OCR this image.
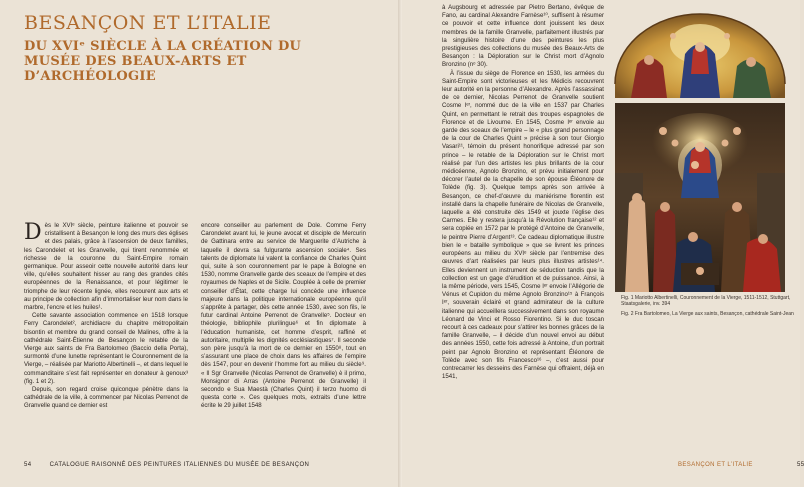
BESANÇON ET L’ITALIE
DU XVIᵉ SIÈCLE À LA CRÉATION DU MUSÉE DES BEAUX-ARTS ET D’ARCHÉOLOGIE

Dès le XVIᵉ siècle, peinture italienne et pouvoir se cristallisent à Besançon le long des murs des églises et des palais, grâce à l’ascension de deux familles, les Carondelet et les Granvelle, qui tirent renommée et richesse de la couronne du Saint-Empire romain germanique. Pour asseoir cette nouvelle autorité dans leur ville, qu’elles souhaitent hisser au rang des grandes cités européennes de la Renaissance, et pour légitimer le triomphe de leur récente lignée, elles recourent aux arts et au principe de collection afin d’immortaliser leur nom dans le marbre, l’encre et les huiles¹.

Cette savante association commence en 1518 lorsque Ferry Carondelet², archidiacre du chapitre métropolitain bisontin et membre du grand conseil de Malines, offre à la cathédrale Saint-Étienne de Besançon le retable de la Vierge aux saints de Fra Bartolomeo (Baccio della Porta), surmonté d’une lunette représentant le Couronnement de la Vierge, – réalisée par Mariotto Albertinelli –, et dans lequel le commanditaire s’est fait représenter en donateur à genoux³ (fig. 1 et 2).

Depuis, son regard croise quiconque pénètre dans la cathédrale de la ville, à commencer par Nicolas Perrenot de Granvelle quand ce dernier est

encore conseiller au parlement de Dole. Comme Ferry Carondelet avant lui, le jeune avocat et disciple de Mercurin de Gattinara entre au service de Marguerite d’Autriche à laquelle il devra sa fulgurante ascension sociale⁴. Ses talents de diplomate lui valent la confiance de Charles Quint qui, suite à son couronnement par le pape à Bologne en 1530, nomme Granvelle garde des sceaux de l’empire et des royaumes de Naples et de Sicile. Couplée à celle de premier conseiller d’État, cette charge lui concède une influence majeure dans la politique internationale européenne qu’il s’apprête à partager, dès cette année 1530, avec son fils, le futur cardinal Antoine Perrenot de Granvelle⁵. Docteur en théologie, bibliophile plurilingue⁶ et fin diplomate à l’éducation humaniste, cet homme d’esprit, raffiné et autoritaire, multiplie les dignités ecclésiastiques⁷. Il seconde son père jusqu’à la mort de ce dernier en 1550⁸, tout en s’assurant une place de choix dans les affaires de l’empire dès 1547, pour en devenir l’homme fort au milieu du siècle⁹. « Il Sgr Granvelle (Nicolas Perrenot de Granvelle) è il primo, Monsignor di Arras (Antoine Perrenot de Granvelle) il secondo e Sua Maestà (Charles Quint) il terzo huomo di questa corte ». Ces quelques mots, extraits d’une lettre écrite le 29 juillet 1548

54	CATALOGUE RAISONNÉ DES PEINTURES ITALIENNES DU MUSÉE DE BESANÇON

à Augsbourg et adressée par Pietro Bertano, évêque de Fano, au cardinal Alexandre Farnèse¹⁰, suffisent à résumer ce pouvoir et cette influence dont jouissent les deux membres de la famille Granvelle, parfaitement illustrés par la singulière histoire d’une des peintures les plus prestigieuses des collections du musée des Beaux-Arts de Besançon : la Déploration sur le Christ mort d’Agnolo Bronzino (nᵒ 30).

À l’issue du siège de Florence en 1530, les armées du Saint-Empire sont victorieuses et les Médicis recouvrent leur autorité en la personne d’Alexandre. Après l’assassinat de ce dernier, Nicolas Perrenot de Granvelle soutient Cosme Iᵉʳ, nommé duc de la ville en 1537 par Charles Quint, en permettant le retrait des troupes espagnoles de Florence et de Livourne. En 1545, Cosme Iᵉʳ envoie au garde des sceaux de l’empire – le « plus grand personnage de la cour de Charles Quint » précise à son tour Giorgio Vasari¹¹, témoin du présent honorifique adressé par son prince – le retable de la Déploration sur le Christ mort réalisé par l’un des artistes les plus brillants de la cour médicéenne, Agnolo Bronzino, et prévu initialement pour décorer l’autel de la chapelle de son épouse Éléonore de Tolède (fig. 3). Quelque temps après son arrivée à Besançon, ce chef-d’œuvre du maniérisme florentin est installé dans la chapelle funéraire de Nicolas de Granvelle, laquelle a été construite dès 1549 et jouxte l’église des Carmes. Elle y restera jusqu’à la Révolution française¹² et sera copiée en 1572 par le protégé d’Antoine de Granvelle, le peintre Pierre d’Argent¹³. Ce cadeau diplomatique illustre bien le « bataille symbolique » que se livrent les princes européens au milieu du XVIᵉ siècle par l’entremise des œuvres d’art réalisées par leurs plus illustres artistes¹⁴. Elles deviennent un instrument de séduction tandis que la collection est un gage d’érudition et de puissance. Ainsi, à la même période, vers 1545, Cosme Iᵉʳ envoie l’Allégorie de Vénus et Cupidon du même Agnolo Bronzino¹⁵ à François Iᵉʳ, souverain éclairé et grand admirateur de la culture italienne qui accueillera successivement dans son royaume Léonard de Vinci et Rosso Fiorentino. Si le duc toscan recourt à ces cadeaux pour s’attirer les bonnes grâces de la famille Granvelle, – il décide d’un nouvel envoi au début des années 1550, cette fois adressé à Antoine, d’un portrait peint par Agnolo Bronzino et représentant Éléonore de Tolède avec son fils Francesco¹⁶ –, c’est aussi pour contrecarrer les desseins des Farnèse qui offraient, déjà en 1541,

Fig. 1 Mariotto Albertinelli, Couronnement de la Vierge, 1511-1512, Stuttgart, Staatsgalerie, inv. 394
Fig. 2 Fra Bartolomeo, La Vierge aux saints, Besançon, cathédrale Saint-Jean
BESANÇON ET L’ITALIE	55
